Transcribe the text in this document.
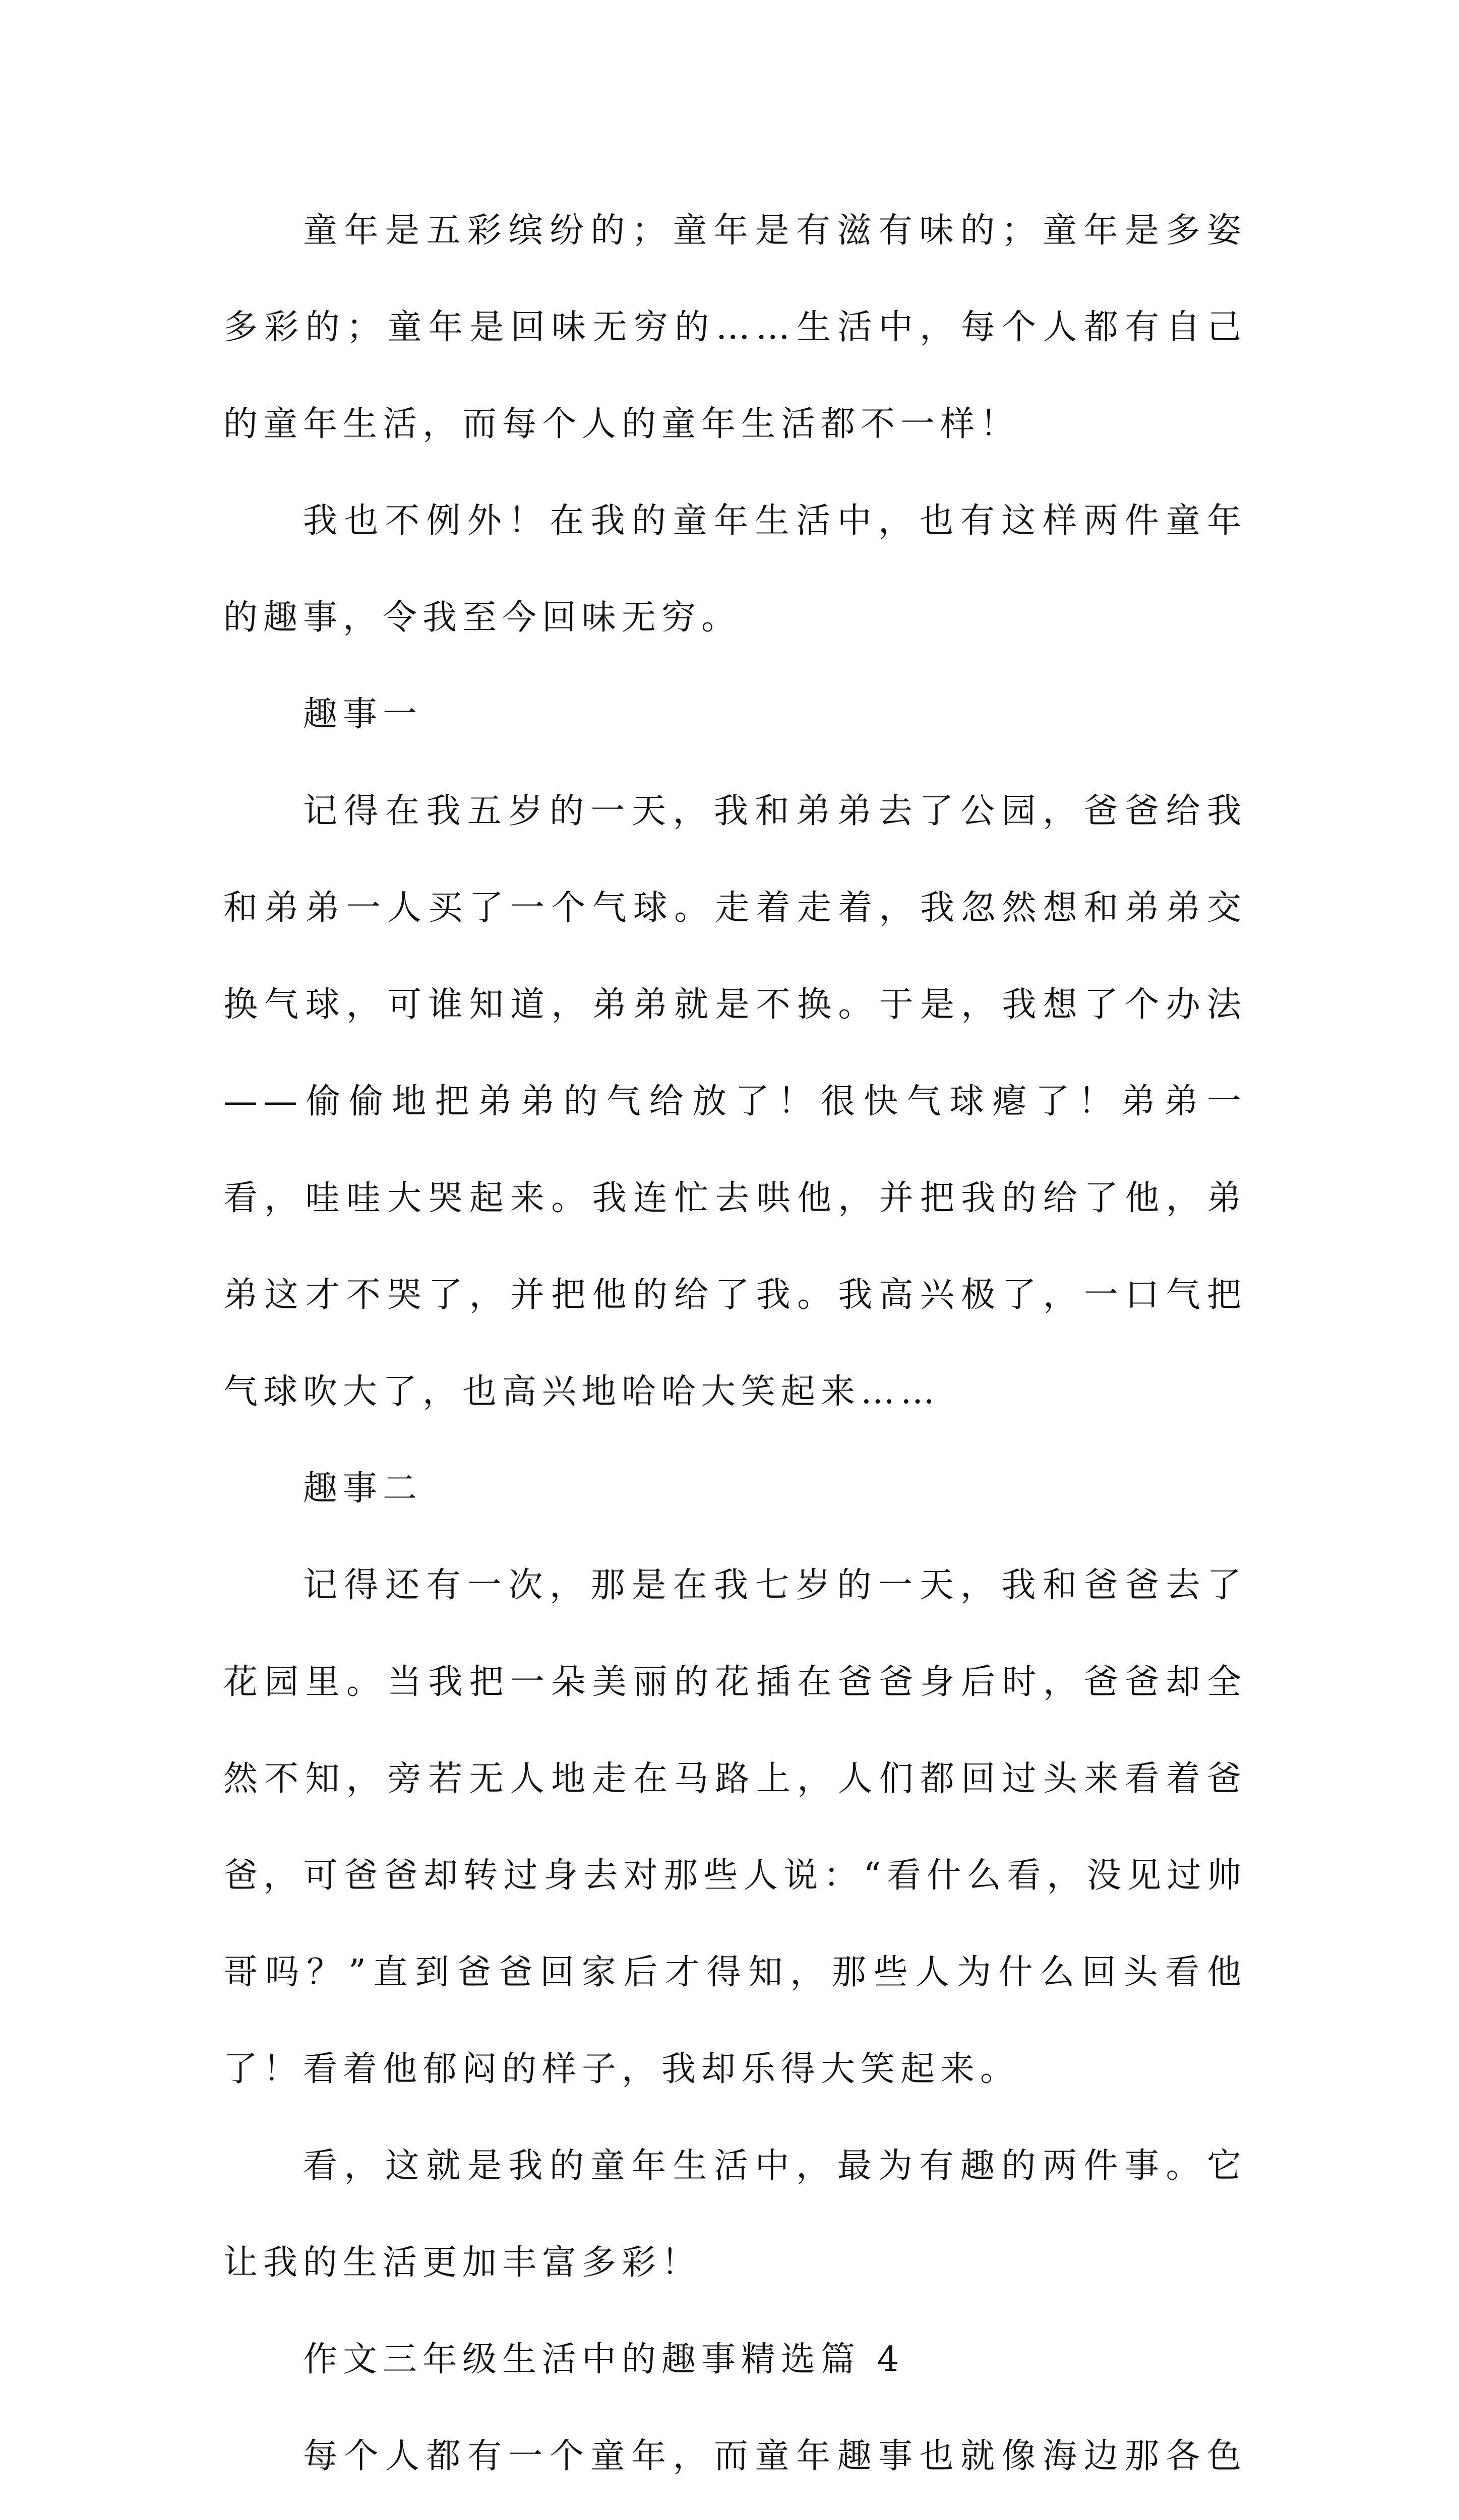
童年是五彩缤纷的；童年是有滋有味的；童年是多姿多彩的；童年是回味无穷的……生活中，每个人都有自己的童年生活，而每个人的童年生活都不一样！

我也不例外！在我的童年生活中，也有这样两件童年的趣事，令我至今回味无穷。

趣事一

记得在我五岁的一天，我和弟弟去了公园，爸爸给我和弟弟一人买了一个气球。走着走着，我忽然想和弟弟交换气球，可谁知道，弟弟就是不换。于是，我想了个办法——偷偷地把弟弟的气给放了！很快气球瘪了！弟弟一看，哇哇大哭起来。我连忙去哄他，并把我的给了他，弟弟这才不哭了，并把他的给了我。我高兴极了，一口气把气球吹大了，也高兴地哈哈大笑起来……

趣事二

记得还有一次，那是在我七岁的一天，我和爸爸去了花园里。当我把一朵美丽的花插在爸爸身后时，爸爸却全然不知，旁若无人地走在马路上，人们都回过头来看着爸爸，可爸爸却转过身去对那些人说：“看什么看，没见过帅哥吗？”直到爸爸回家后才得知，那些人为什么回头看他了！看着他郁闷的样子，我却乐得大笑起来。

看，这就是我的童年生活中，最为有趣的两件事。它让我的生活更加丰富多彩！

作文三年级生活中的趣事精选篇 4

每个人都有一个童年，而童年趣事也就像海边那各色
